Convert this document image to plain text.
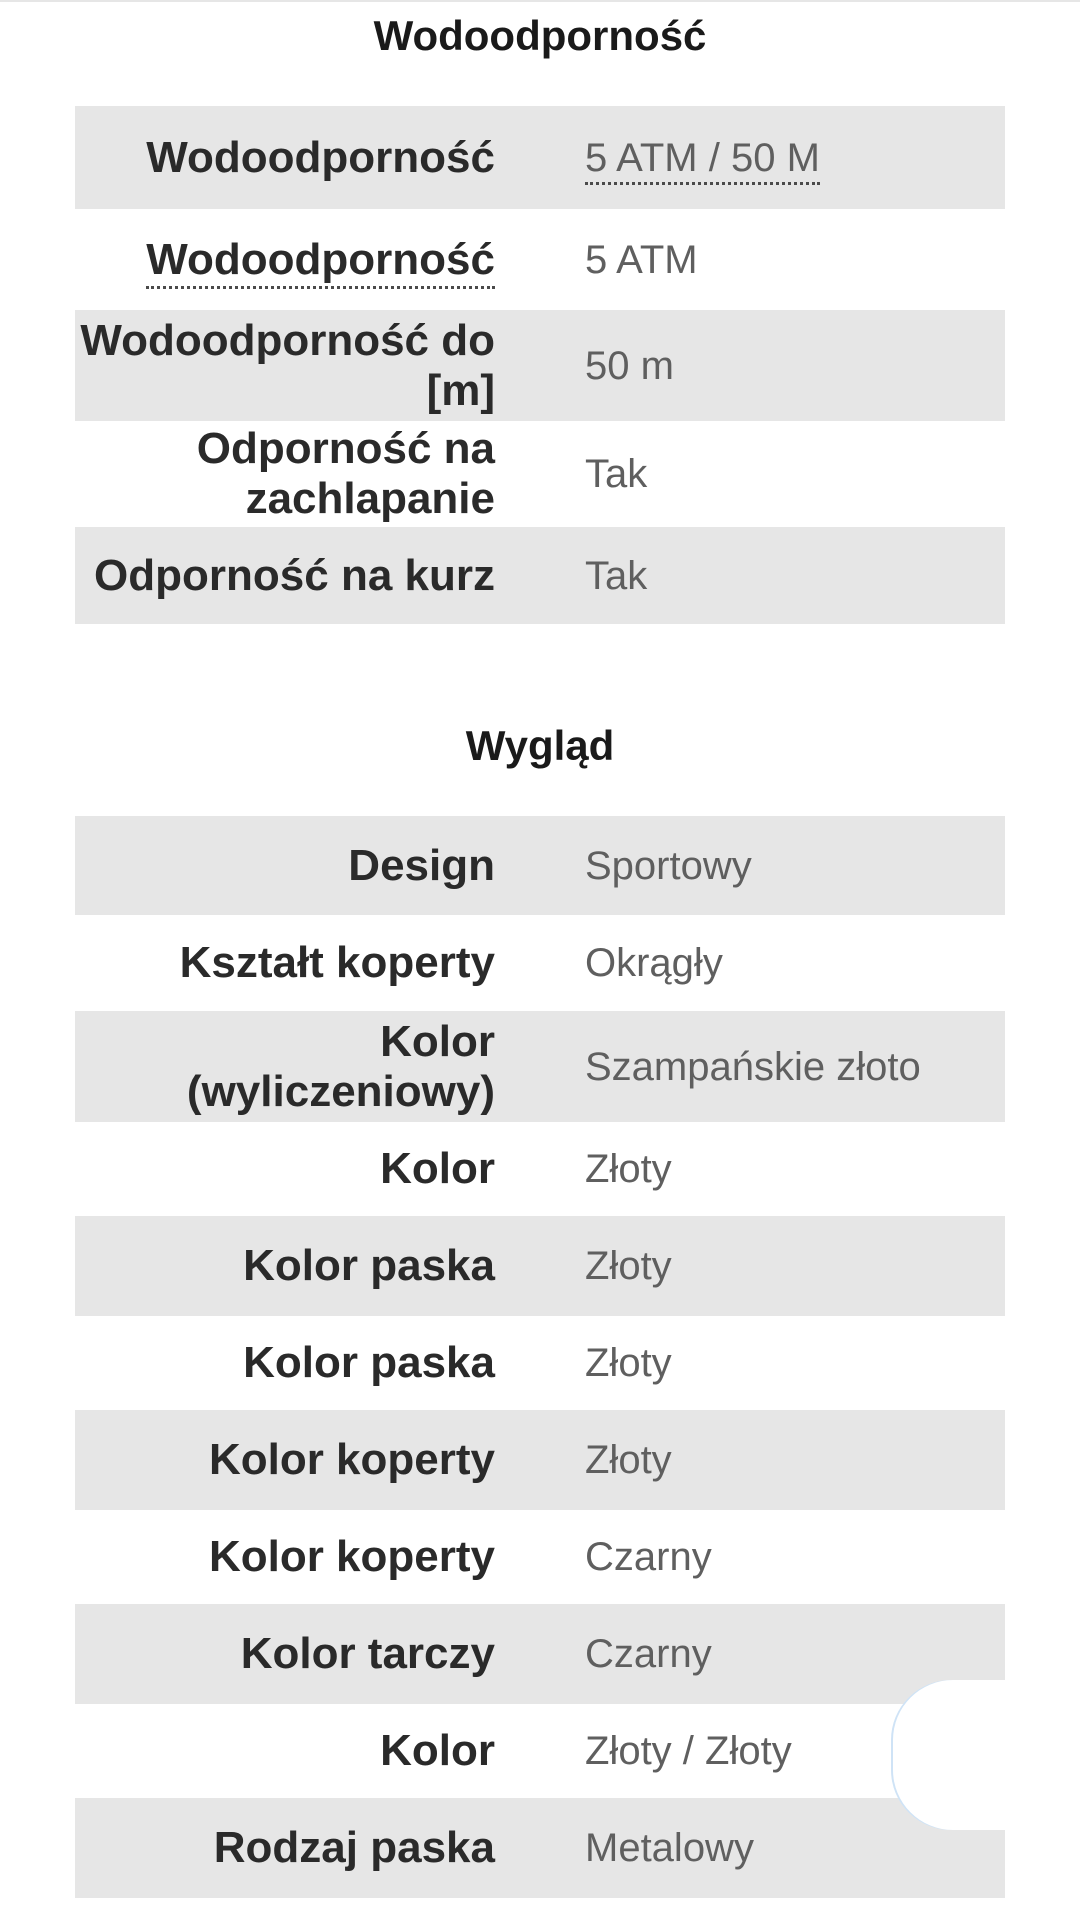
Wodoodporność
Wodoodporność	5 ATM / 50 M
Wodoodporność	5 ATM
Wodoodporność do [m]	50 m
Odporność na zachlapanie	Tak
Odporność na kurz	Tak
Wygląd
Design	Sportowy
Kształt koperty	Okrągły
Kolor (wyliczeniowy)	Szampańskie złoto
Kolor	Złoty
Kolor paska	Złoty
Kolor paska	Złoty
Kolor koperty	Złoty
Kolor koperty	Czarny
Kolor tarczy	Czarny
Kolor	Złoty / Złoty
Rodzaj paska	Metalowy
